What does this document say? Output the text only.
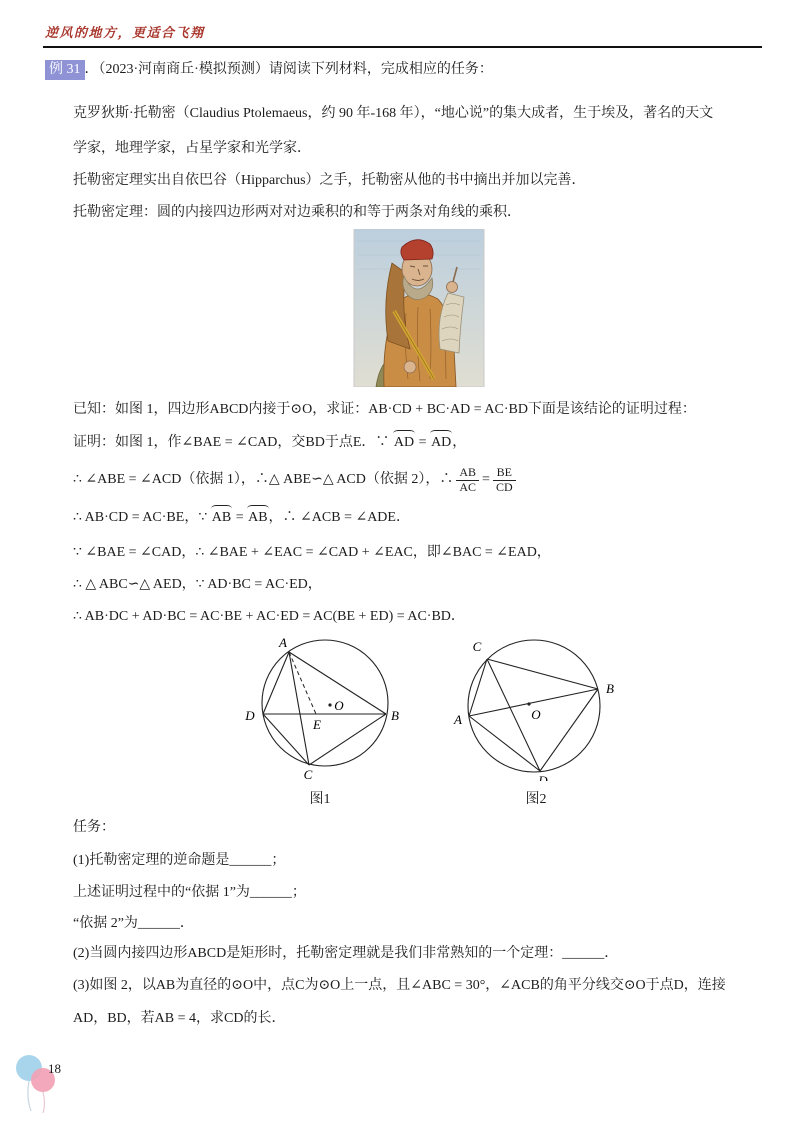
逆风的地方，更适合飞翔

例 31 ．（2023·河南商丘·模拟预测）请阅读下列材料，完成相应的任务：

克罗狄斯·托勒密（Claudius Ptolemaeus，约 90 年-168 年），“地心说”的集大成者，生于埃及，著名的天文

学家，地理学家，占星学家和光学家．

托勒密定理实出自依巴谷（Hipparchus）之手，托勒密从他的书中摘出并加以完善．

托勒密定理：圆的内接四边形两对对边乘积的和等于两条对角线的乘积．

已知：如图 1，四边形ABCD内接于⊙O，求证：AB·CD + BC·AD = AC·BD下面是该结论的证明过程：

证明：如图 1，作∠BAE = ∠CAD，交BD于点E．∵ AD = AD，

∴ ∠ABE = ∠ACD（依据 1），∴△ ABE∽△ ACD（依据 2），∴ $\frac{AB}{AC} = \frac{BE}{CD}$

∴ AB·CD = AC·BE，∵ AB = AB，∴ ∠ACB = ∠ADE．

∵ ∠BAE = ∠CAD，∴ ∠BAE + ∠EAC = ∠CAD + ∠EAC，即∠BAC = ∠EAD，

∴ △ ABC∽△ AED，∵ AD·BC = AC·ED，

∴ AB·DC + AD·BC = AC·BE + AC·ED = AC(BE + ED) = AC·BD．

A
B
C
D
E
O
图1
C
B
A
D
O
图2

任务：

(1)托勒密定理的逆命题是______；

上述证明过程中的“依据 1”为______；

“依据 2”为______．

(2)当圆内接四边形ABCD是矩形时，托勒密定理就是我们非常熟知的一个定理：______．

(3)如图 2，以AB为直径的⊙O中，点C为⊙O上一点，且∠ABC = 30°，∠ACB的角平分线交⊙O于点D，连接

AD，BD，若AB = 4，求CD的长．

18
